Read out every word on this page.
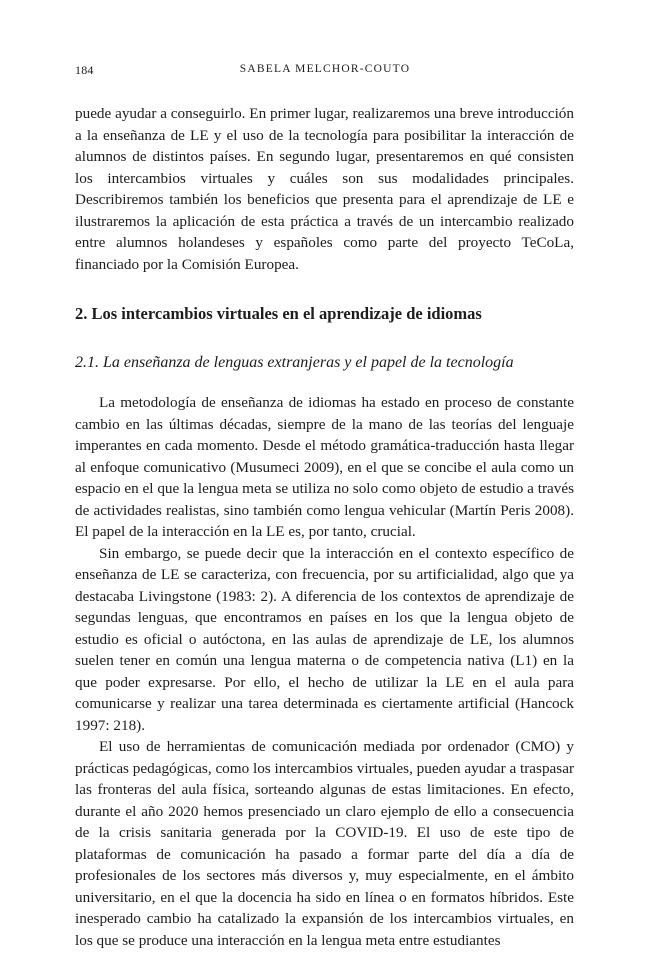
184	SABELA MELCHOR-COUTO

puede ayudar a conseguirlo. En primer lugar, realizaremos una breve introducción a la enseñanza de LE y el uso de la tecnología para posibilitar la interacción de alumnos de distintos países. En segundo lugar, presentaremos en qué consisten los intercambios virtuales y cuáles son sus modalidades principales. Describiremos también los beneficios que presenta para el aprendizaje de LE e ilustraremos la aplicación de esta práctica a través de un intercambio realizado entre alumnos holandeses y españoles como parte del proyecto TeCoLa, financiado por la Comisión Europea.

2. Los intercambios virtuales en el aprendizaje de idiomas
2.1. La enseñanza de lenguas extranjeras y el papel de la tecnología

La metodología de enseñanza de idiomas ha estado en proceso de constante cambio en las últimas décadas, siempre de la mano de las teorías del lenguaje imperantes en cada momento. Desde el método gramática-traducción hasta llegar al enfoque comunicativo (Musumeci 2009), en el que se concibe el aula como un espacio en el que la lengua meta se utiliza no solo como objeto de estudio a través de actividades realistas, sino también como lengua vehicular (Martín Peris 2008). El papel de la interacción en la LE es, por tanto, crucial.

Sin embargo, se puede decir que la interacción en el contexto específico de enseñanza de LE se caracteriza, con frecuencia, por su artificialidad, algo que ya destacaba Livingstone (1983: 2). A diferencia de los contextos de aprendizaje de segundas lenguas, que encontramos en países en los que la lengua objeto de estudio es oficial o autóctona, en las aulas de aprendizaje de LE, los alumnos suelen tener en común una lengua materna o de competencia nativa (L1) en la que poder expresarse. Por ello, el hecho de utilizar la LE en el aula para comunicarse y realizar una tarea determinada es ciertamente artificial (Hancock 1997: 218).

El uso de herramientas de comunicación mediada por ordenador (CMO) y prácticas pedagógicas, como los intercambios virtuales, pueden ayudar a traspasar las fronteras del aula física, sorteando algunas de estas limitaciones. En efecto, durante el año 2020 hemos presenciado un claro ejemplo de ello a consecuencia de la crisis sanitaria generada por la COVID-19. El uso de este tipo de plataformas de comunicación ha pasado a formar parte del día a día de profesionales de los sectores más diversos y, muy especialmente, en el ámbito universitario, en el que la docencia ha sido en línea o en formatos híbridos. Este inesperado cambio ha catalizado la expansión de los intercambios virtuales, en los que se produce una interacción en la lengua meta entre estudiantes
